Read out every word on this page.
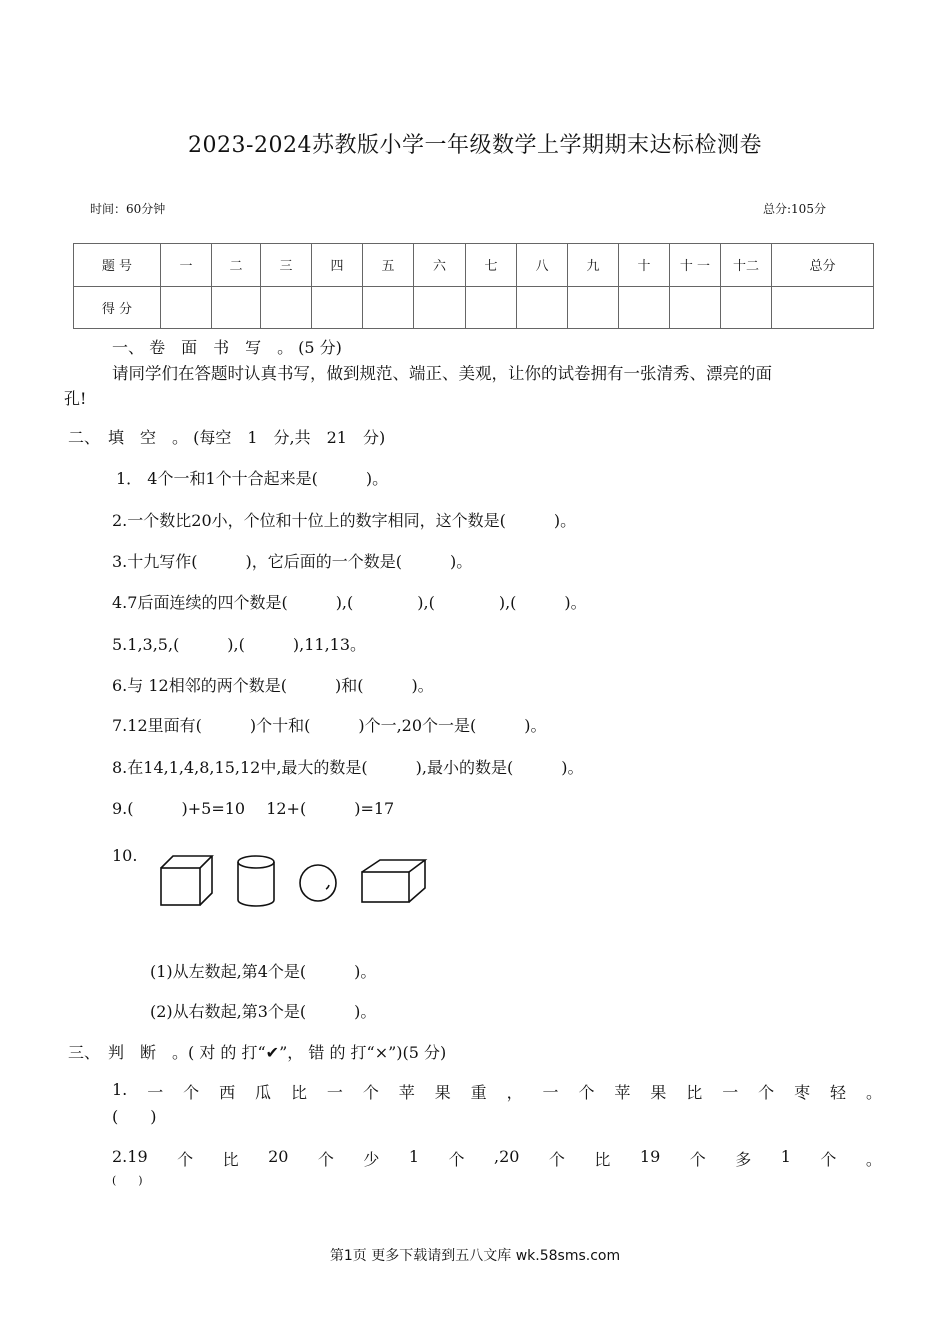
2023-2024苏教版小学一年级数学上学期期末达标检测卷
时间：60分钟	总分:105分
题 号	一	二	三	四	五	六	七	八	九	十	十 一	十二	总分
得 分													
一、 卷　面　书　写　。 (5 分)
请同学们在答题时认真书写，做到规范、端正、美观，让你的试卷拥有一张清秀、漂亮的面
孔!
二、　填　空　。 (每空　1　分,共　21　分)
1． 4个一和1个十合起来是(　　　)。
2.一个数比20小，个位和十位上的数字相同，这个数是(　　　)。
3.十九写作(　　　)，它后面的一个数是(　　　)。
4.7后面连续的四个数是(　　　),(　　　　),(　　　　),(　　　)。
5.1,3,5,(　　　),(　　　),11,13。
6.与 12相邻的两个数是(　　　)和(　　　)。
7.12里面有(　　　)个十和(　　　)个一,20个一是(　　　)。
8.在14,1,4,8,15,12中,最大的数是(　　　),最小的数是(　　　)。
9.(　　　)+5=10　 12+(　　　)=17
10.
(1)从左数起,第4个是(　　　)。
(2)从右数起,第3个是(　　　)。
三、　判　断　。( 对 的 打“✔”， 错 的 打“×”)(5 分)
1. 一 个 西 瓜 比 一 个 苹 果 重 ， 一 个 苹 果 比 一 个 枣 轻 。
(　　)
2.19 个 比 20 个 少 1 个 ,20 个 比 19 个 多 1 个 。
(　　)
第1页 更多下载请到五八文库 wk.58sms.com
